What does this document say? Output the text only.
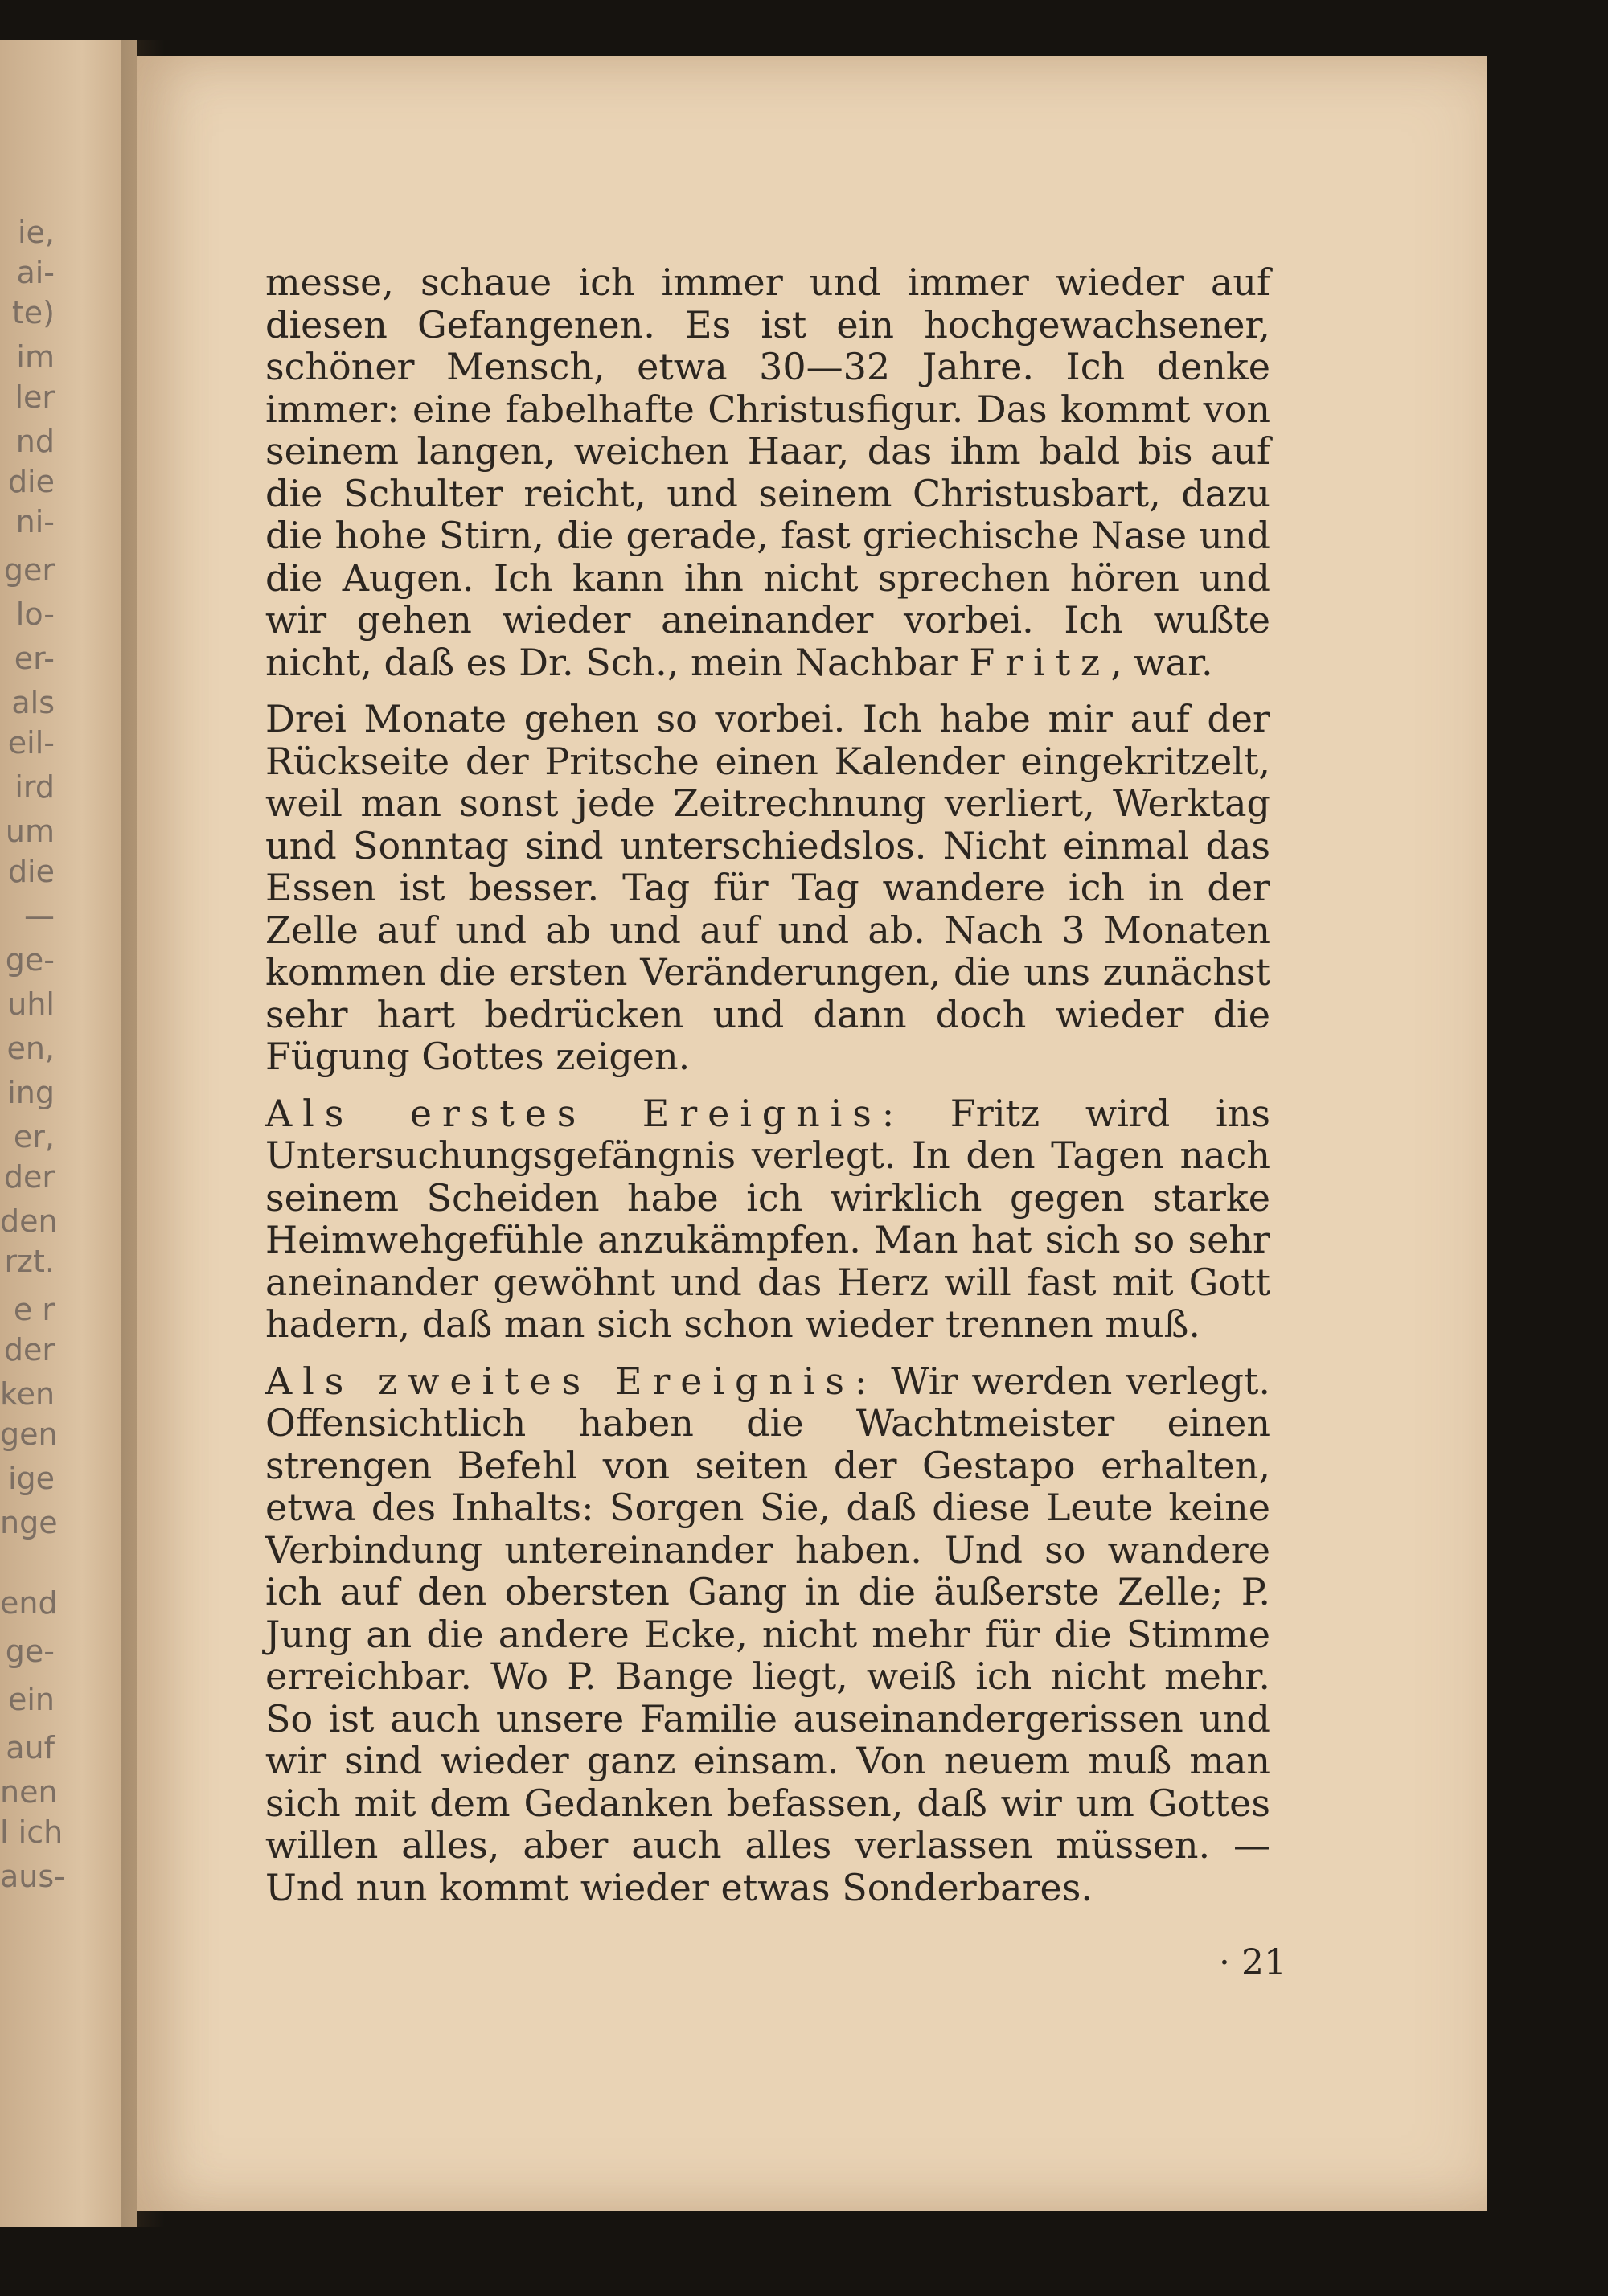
ie,
ai-
te)
im
ler
nd
die
ni-
ger
lo-
er-
als
eil-
ird
um
die
—
ge-
uhl
en,
ing
er,
der
den
rzt.
e r
der
ken
gen
ige
nge
end
ge-
ein
auf
nen
l ich
aus-

messe, schaue ich immer und immer wieder auf diesen Gefangenen. Es ist ein hochgewachsener, schöner Mensch, etwa 30—32 Jahre. Ich denke immer: eine fabelhafte Christusfigur. Das kommt von seinem langen, weichen Haar, das ihm bald bis auf die Schulter reicht, und seinem Christusbart, dazu die hohe Stirn, die gerade, fast griechische Nase und die Augen. Ich kann ihn nicht sprechen hören und wir gehen wieder aneinander vorbei. Ich wußte nicht, daß es Dr. Sch., mein Nachbar Fritz, war.

Drei Monate gehen so vorbei. Ich habe mir auf der Rückseite der Pritsche einen Kalender eingekritzelt, weil man sonst jede Zeitrechnung verliert, Werktag und Sonntag sind unterschiedslos. Nicht einmal das Essen ist besser. Tag für Tag wandere ich in der Zelle auf und ab und auf und ab. Nach 3 Monaten kommen die ersten Veränderungen, die uns zunächst sehr hart bedrücken und dann doch wieder die Fügung Gottes zeigen.

Als erstes Ereignis: Fritz wird ins Untersuchungsgefängnis verlegt. In den Tagen nach seinem Scheiden habe ich wirklich gegen starke Heimwehgefühle anzukämpfen. Man hat sich so sehr aneinander gewöhnt und das Herz will fast mit Gott hadern, daß man sich schon wieder trennen muß.

Als zweites Ereignis: Wir werden verlegt. Offensichtlich haben die Wachtmeister einen strengen Befehl von seiten der Gestapo erhalten, etwa des Inhalts: Sorgen Sie, daß diese Leute keine Verbindung untereinander haben. Und so wandere ich auf den obersten Gang in die äußerste Zelle; P. Jung an die andere Ecke, nicht mehr für die Stimme erreichbar. Wo P. Bange liegt, weiß ich nicht mehr. So ist auch unsere Familie auseinandergerissen und wir sind wieder ganz einsam. Von neuem muß man sich mit dem Gedanken befassen, daß wir um Gottes willen alles, aber auch alles verlassen müssen. — Und nun kommt wieder etwas Sonderbares.

· 21
